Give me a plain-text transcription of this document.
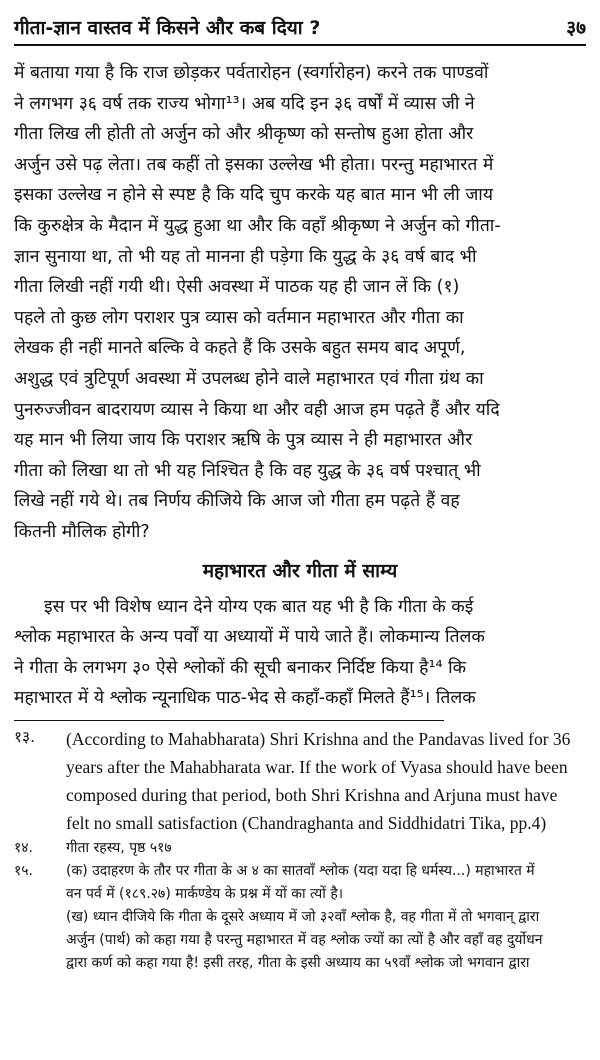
गीता-ज्ञान वास्तव में किसने और कब दिया ?	३७
में बताया गया है कि राज छोड़कर पर्वतारोहन (स्वर्गारोहन) करने तक पाण्डवों
ने लगभग ३६ वर्ष तक राज्य भोगा¹³। अब यदि इन ३६ वर्षों में व्यास जी ने
गीता लिख ली होती तो अर्जुन को और श्रीकृष्ण को सन्तोष हुआ होता और
अर्जुन उसे पढ़ लेता। तब कहीं तो इसका उल्लेख भी होता। परन्तु महाभारत में
इसका उल्लेख न होने से स्पष्ट है कि यदि चुप करके यह बात मान भी ली जाय
कि कुरुक्षेत्र के मैदान में युद्ध हुआ था और कि वहाँ श्रीकृष्ण ने अर्जुन को गीता-
ज्ञान सुनाया था, तो भी यह तो मानना ही पड़ेगा कि युद्ध के ३६ वर्ष बाद भी
गीता लिखी नहीं गयी थी। ऐसी अवस्था में पाठक यह ही जान लें कि (१)
पहले तो कुछ लोग पराशर पुत्र व्यास को वर्तमान महाभारत और गीता का
लेखक ही नहीं मानते बल्कि वे कहते हैं कि उसके बहुत समय बाद अपूर्ण,
अशुद्ध एवं त्रुटिपूर्ण अवस्था में उपलब्ध होने वाले महाभारत एवं गीता ग्रंथ का
पुनरुज्जीवन बादरायण व्यास ने किया था और वही आज हम पढ़ते हैं और यदि
यह मान भी लिया जाय कि पराशर ऋषि के पुत्र व्यास ने ही महाभारत और
गीता को लिखा था तो भी यह निश्चित है कि वह युद्ध के ३६ वर्ष पश्चात् भी
लिखे नहीं गये थे। तब निर्णय कीजिये कि आज जो गीता हम पढ़ते हैं वह
कितनी मौलिक होगी?
महाभारत और गीता में साम्य
इस पर भी विशेष ध्यान देने योग्य एक बात यह भी है कि गीता के कई
श्लोक महाभारत के अन्य पर्वों या अध्यायों में पाये जाते हैं। लोकमान्य तिलक
ने गीता के लगभग ३० ऐसे श्लोकों की सूची बनाकर निर्दिष्ट किया है¹⁴ कि
महाभारत में ये श्लोक न्यूनाधिक पाठ-भेद से कहाँ-कहाँ मिलते हैं¹⁵। तिलक
१३.	(According to Mahabharata) Shri Krishna and the Pandavas lived for 36
years after the Mahabharata war. If the work of Vyasa should have been
composed during that period, both Shri Krishna and Arjuna must have
felt no small satisfaction (Chandraghanta and Siddhidatri Tika, pp.4)
१४.	गीता रहस्य, पृष्ठ ५१७
१५.	(क) उदाहरण के तौर पर गीता के अ ४ का सातवाँ श्लोक (यदा यदा हि धर्मस्य...) महाभारत में
वन पर्व में (१८९.२७) मार्कण्डेय के प्रश्न में यों का त्यों है।
(ख) ध्यान दीजिये कि गीता के दूसरे अध्याय में जो ३२वाँ श्लोक है, वह गीता में तो भगवान् द्वारा
अर्जुन (पार्थ) को कहा गया है परन्तु महाभारत में वह श्लोक ज्यों का त्यों है और वहाँ वह दुर्योधन
द्वारा कर्ण को कहा गया है! इसी तरह, गीता के इसी अध्याय का ५९वाँ श्लोक जो भगवान द्वारा
